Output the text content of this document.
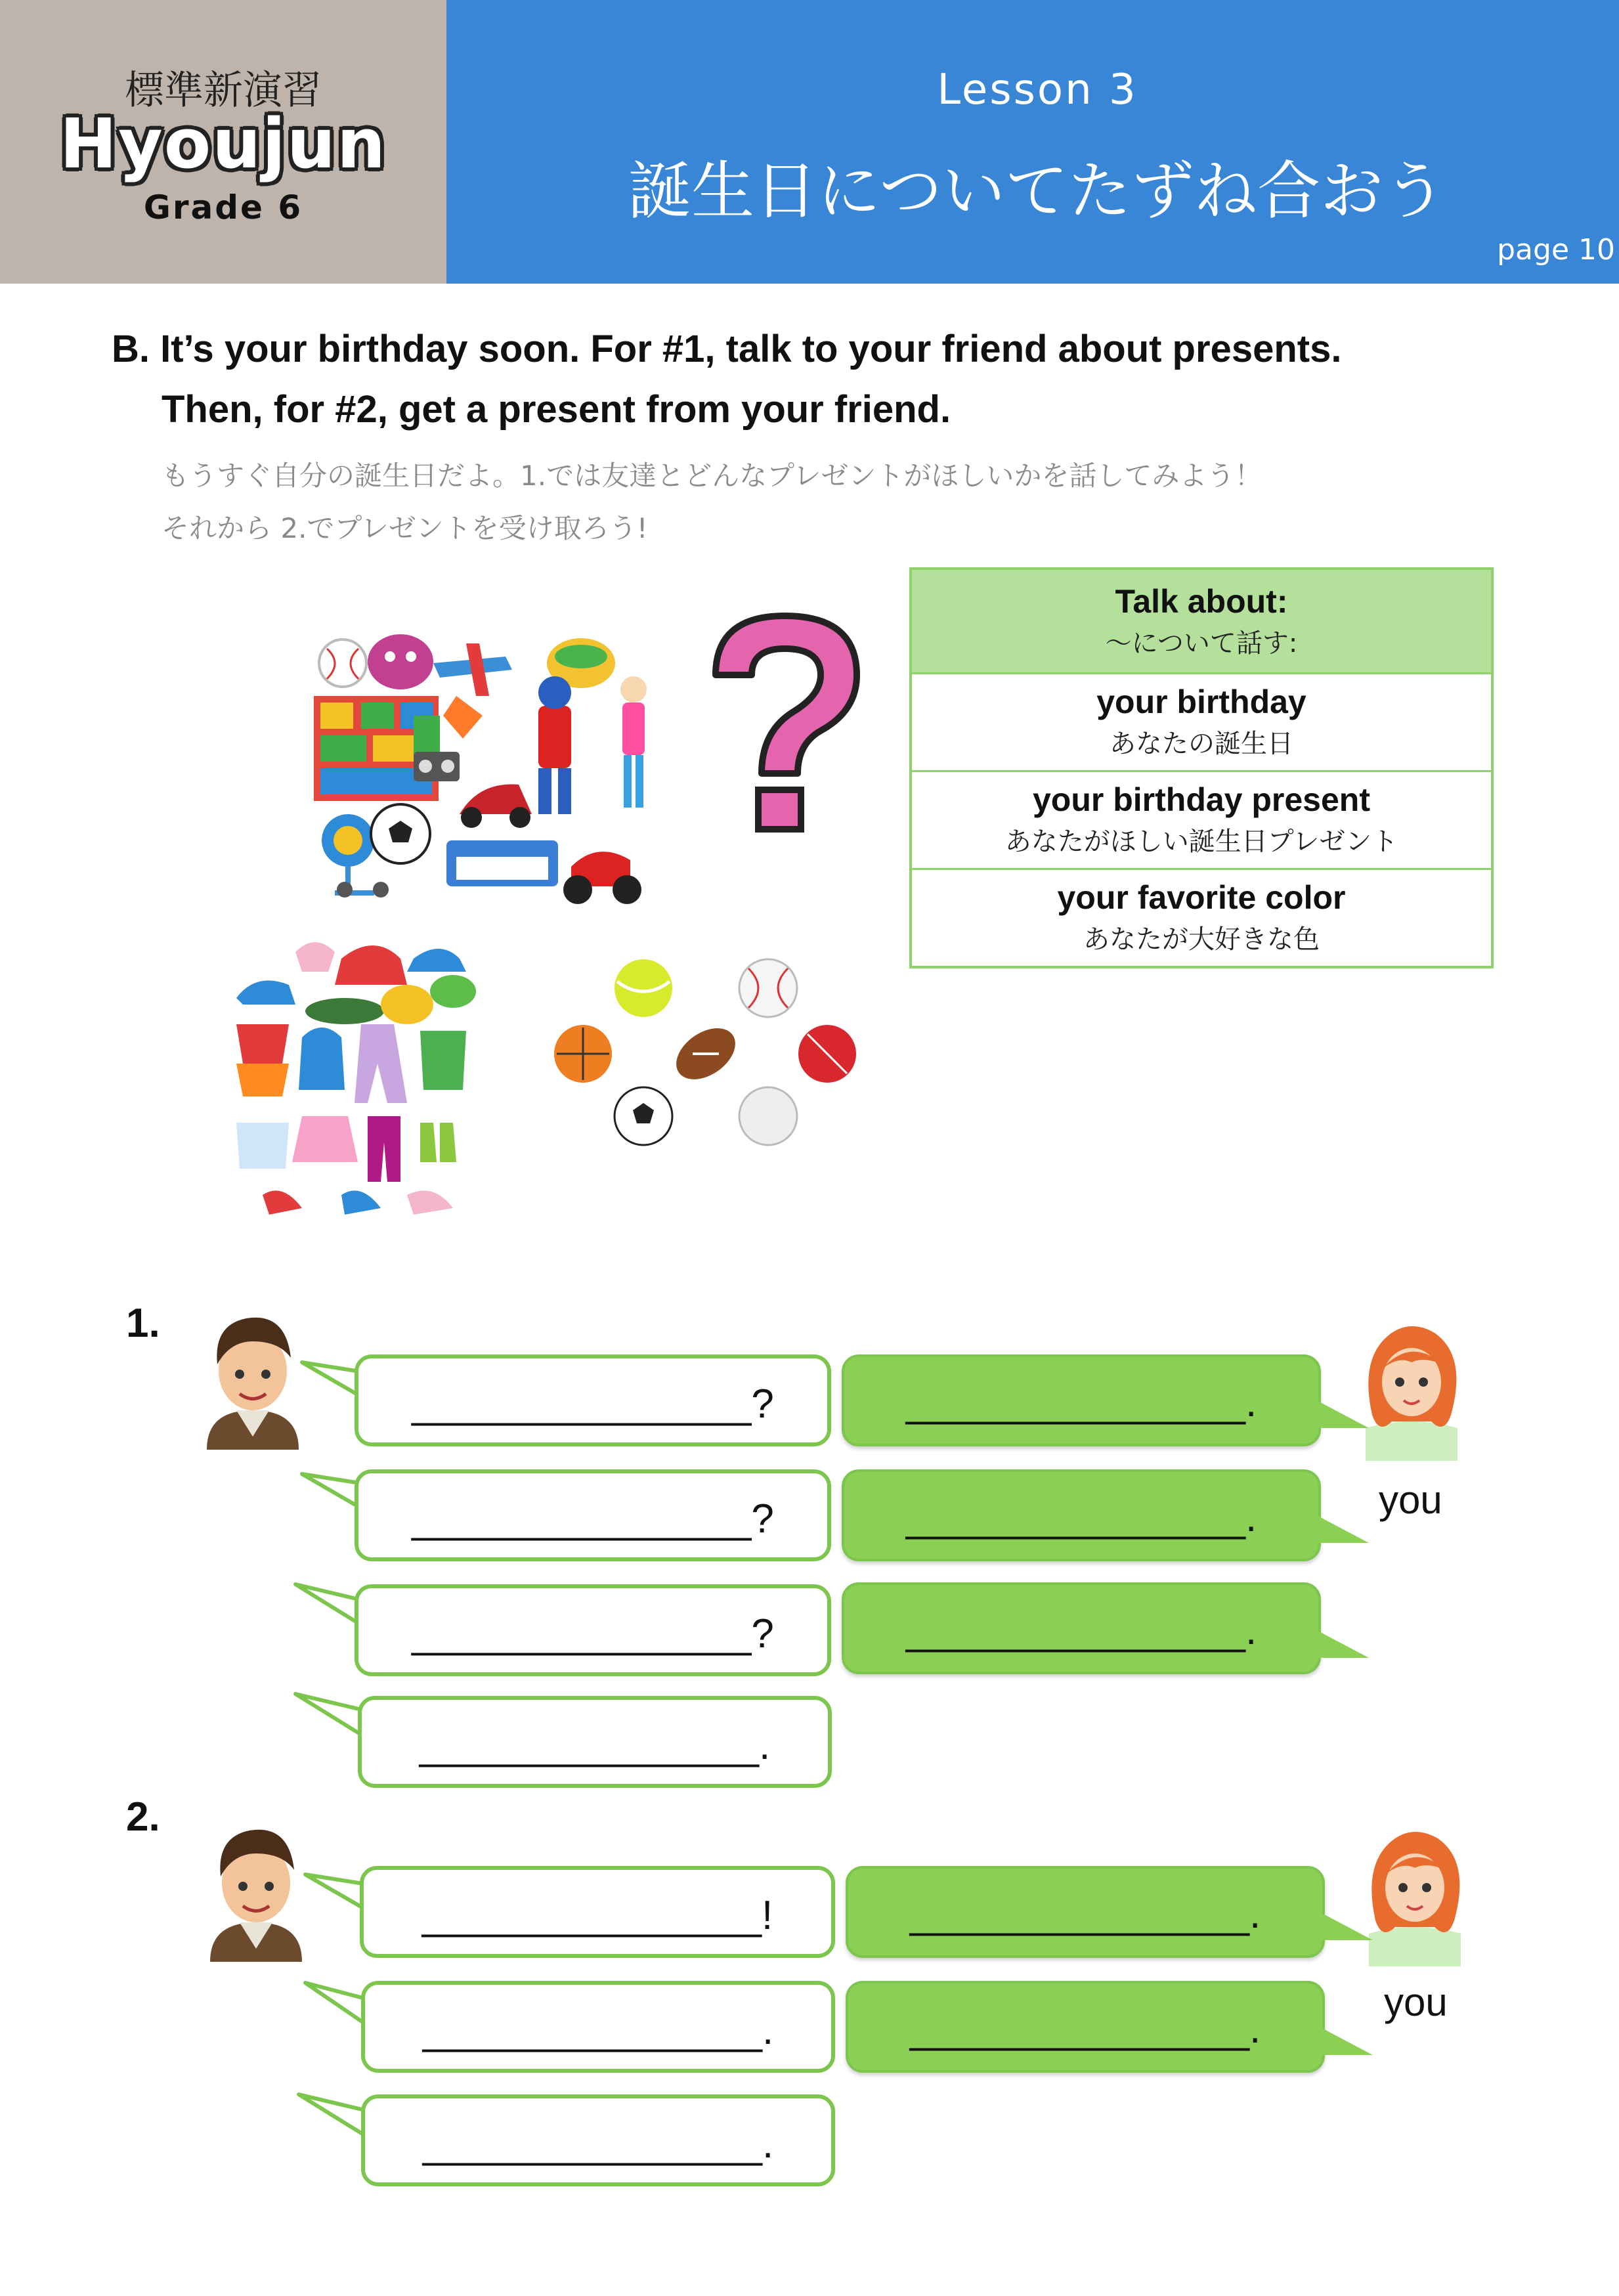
標準新演習
Hyoujun
Grade 6
Lesson 3
誕生日についてたずね合おう
page 10
B. It’s your birthday soon. For #1, talk to your friend about presents.
Then, for #2, get a present from your friend.
もうすぐ自分の誕生日だよ。1.では友達とどんなプレゼントがほしいかを話してみよう！
それから 2.でプレゼントを受け取ろう!
Talk about:
〜について話す:
your birthday
あなたの誕生日
your birthday present
あなたがほしい誕生日プレゼント
your favorite color
あなたが大好きな色
1.
you
_______________?
_______________?
_______________?
_______________.
_______________.
_______________.
_______________.
2.
you
_______________!
_______________.
_______________.
_______________.
_______________.
